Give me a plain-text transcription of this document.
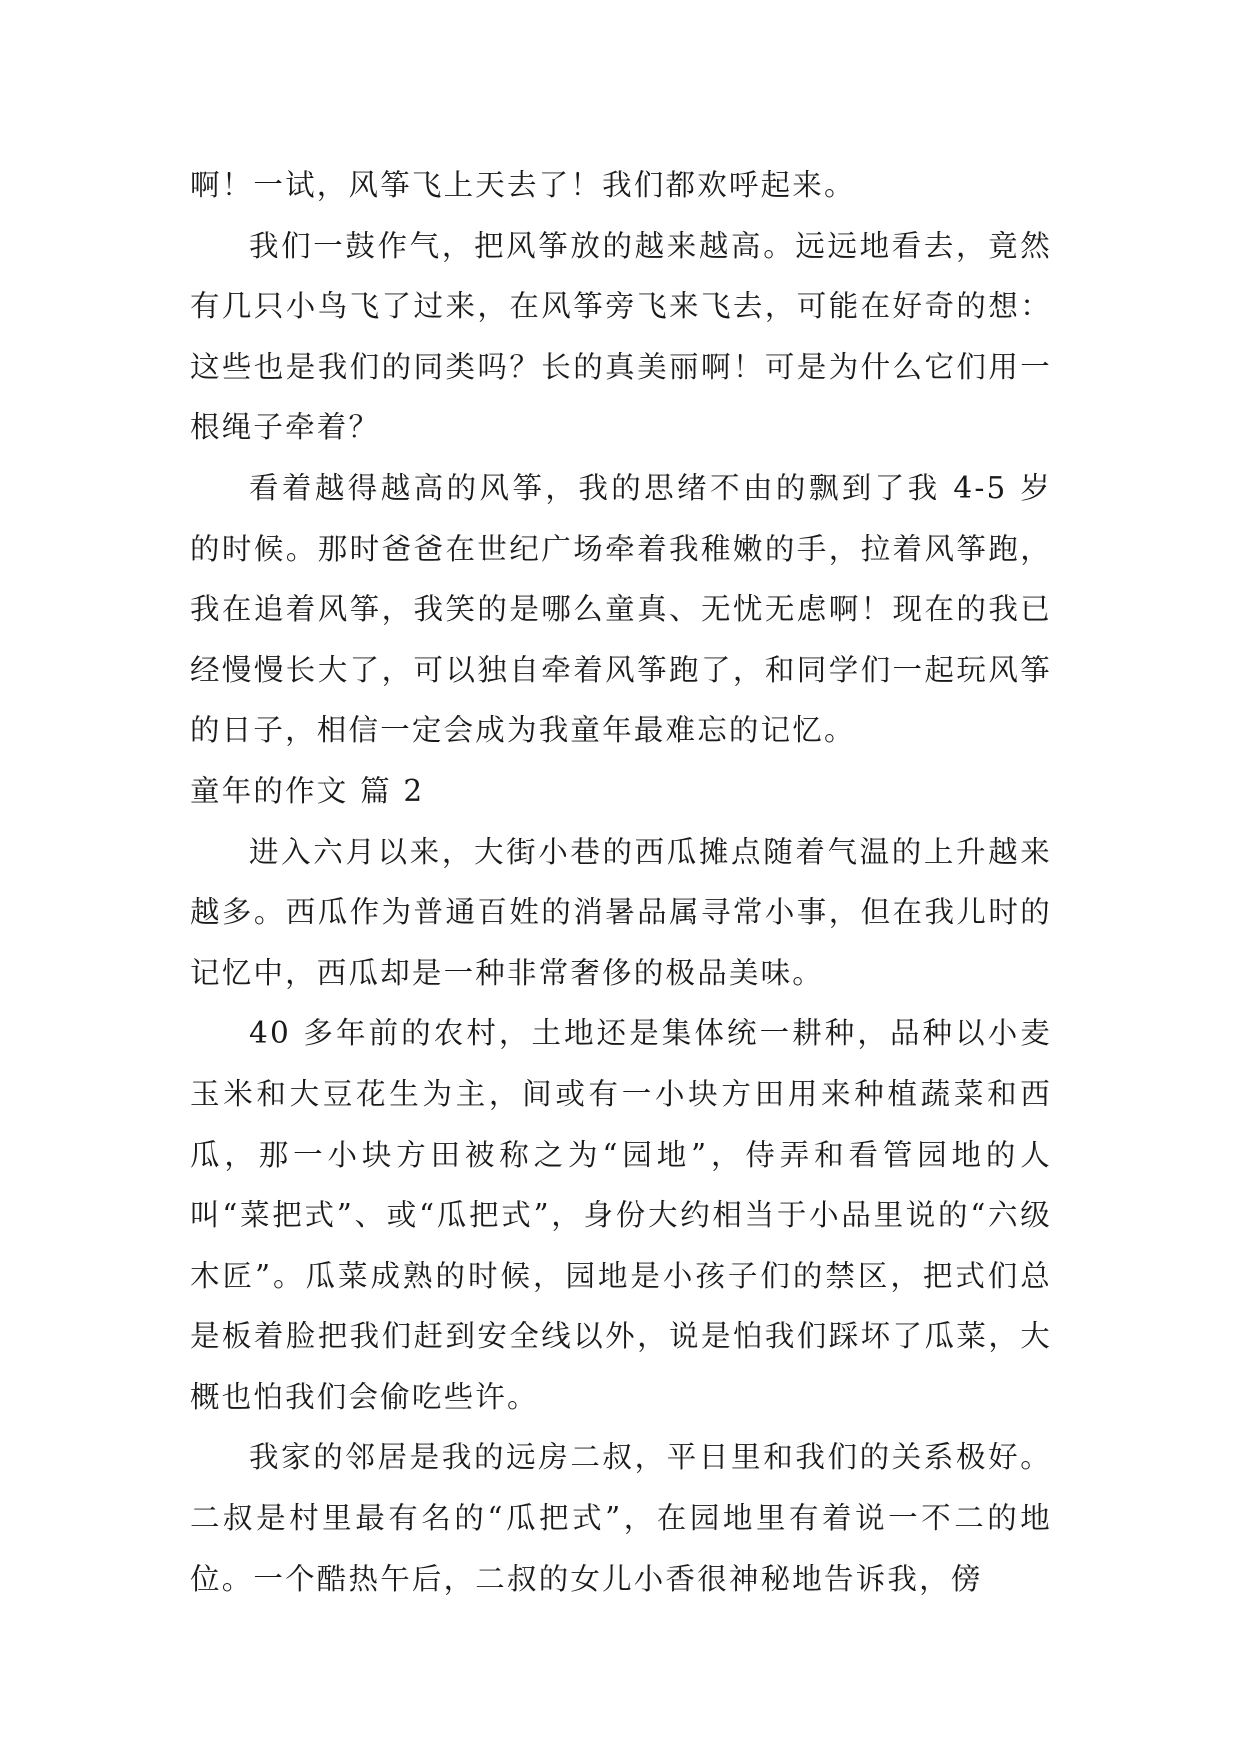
啊！一试，风筝飞上天去了！我们都欢呼起来。

我们一鼓作气，把风筝放的越来越高。远远地看去，竟然有几只小鸟飞了过来，在风筝旁飞来飞去，可能在好奇的想：这些也是我们的同类吗？长的真美丽啊！可是为什么它们用一根绳子牵着？

看着越得越高的风筝，我的思绪不由的飘到了我 4-5 岁的时候。那时爸爸在世纪广场牵着我稚嫩的手，拉着风筝跑，我在追着风筝，我笑的是哪么童真、无忧无虑啊！现在的我已经慢慢长大了，可以独自牵着风筝跑了，和同学们一起玩风筝的日子，相信一定会成为我童年最难忘的记忆。

童年的作文 篇 2

进入六月以来，大街小巷的西瓜摊点随着气温的上升越来越多。西瓜作为普通百姓的消暑品属寻常小事，但在我儿时的记忆中，西瓜却是一种非常奢侈的极品美味。

40 多年前的农村，土地还是集体统一耕种，品种以小麦玉米和大豆花生为主，间或有一小块方田用来种植蔬菜和西瓜，那一小块方田被称之为“园地”，侍弄和看管园地的人叫“菜把式”、或“瓜把式”，身份大约相当于小品里说的“六级木匠”。瓜菜成熟的时候，园地是小孩子们的禁区，把式们总是板着脸把我们赶到安全线以外，说是怕我们踩坏了瓜菜，大概也怕我们会偷吃些许。

我家的邻居是我的远房二叔，平日里和我们的关系极好。二叔是村里最有名的“瓜把式”，在园地里有着说一不二的地位。一个酷热午后，二叔的女儿小香很神秘地告诉我，傍
